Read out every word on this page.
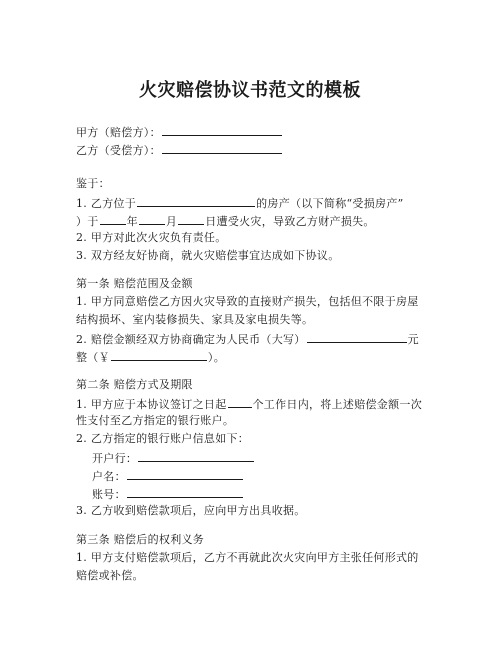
火灾赔偿协议书范文的模板
甲方（赔偿方）：
乙方（受偿方）：
鉴于：
1. 乙方位于	的房产（以下简称“受损房产”
）于	年	月	日遭受火灾，导致乙方财产损失。
2. 甲方对此次火灾负有责任。
3. 双方经友好协商，就火灾赔偿事宜达成如下协议。
第一条 赔偿范围及金额
1. 甲方同意赔偿乙方因火灾导致的直接财产损失，包括但不限于房屋
结构损坏、室内装修损失、家具及家电损失等。
2. 赔偿金额经双方协商确定为人民币（大写）	元
整（￥	）。
第二条 赔偿方式及期限
1. 甲方应于本协议签订之日起 个工作日内，将上述赔偿金额一次
性支付至乙方指定的银行账户。
2. 乙方指定的银行账户信息如下：
开户行：
户名：
账号：
3. 乙方收到赔偿款项后，应向甲方出具收据。
第三条 赔偿后的权利义务
1. 甲方支付赔偿款项后，乙方不再就此次火灾向甲方主张任何形式的
赔偿或补偿。
